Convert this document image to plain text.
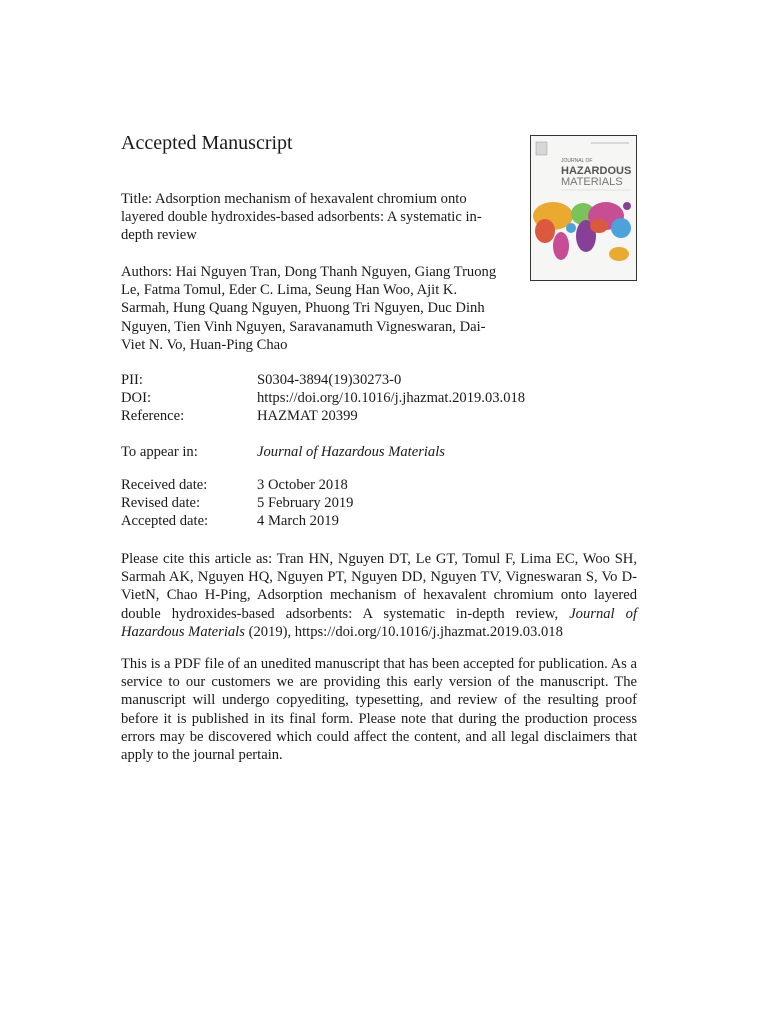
Accepted Manuscript
JOURNAL OF
HAZARDOUS
MATERIALS

Title: Adsorption mechanism of hexavalent chromium onto layered double hydroxides-based adsorbents: A systematic in-depth review

Authors: Hai Nguyen Tran, Dong Thanh Nguyen, Giang Truong Le, Fatma Tomul, Eder C. Lima, Seung Han Woo, Ajit K. Sarmah, Hung Quang Nguyen, Phuong Tri Nguyen, Duc Dinh Nguyen, Tien Vinh Nguyen, Saravanamuth Vigneswaran, Dai-Viet N. Vo, Huan-Ping Chao

PII:	S0304-3894(19)30273-0
DOI:	https://doi.org/10.1016/j.jhazmat.2019.03.018
Reference:	HAZMAT 20399
To appear in:	Journal of Hazardous Materials
Received date:	3 October 2018
Revised date:	5 February 2019
Accepted date:	4 March 2019

Please cite this article as: Tran HN, Nguyen DT, Le GT, Tomul F, Lima EC, Woo SH, Sarmah AK, Nguyen HQ, Nguyen PT, Nguyen DD, Nguyen TV, Vigneswaran S, Vo D-VietN, Chao H-Ping, Adsorption mechanism of hexavalent chromium onto layered double hydroxides-based adsorbents: A systematic in-depth review, Journal of Hazardous Materials (2019), https://doi.org/10.1016/j.jhazmat.2019.03.018

This is a PDF file of an unedited manuscript that has been accepted for publication. As a service to our customers we are providing this early version of the manuscript. The manuscript will undergo copyediting, typesetting, and review of the resulting proof before it is published in its final form. Please note that during the production process errors may be discovered which could affect the content, and all legal disclaimers that apply to the journal pertain.
